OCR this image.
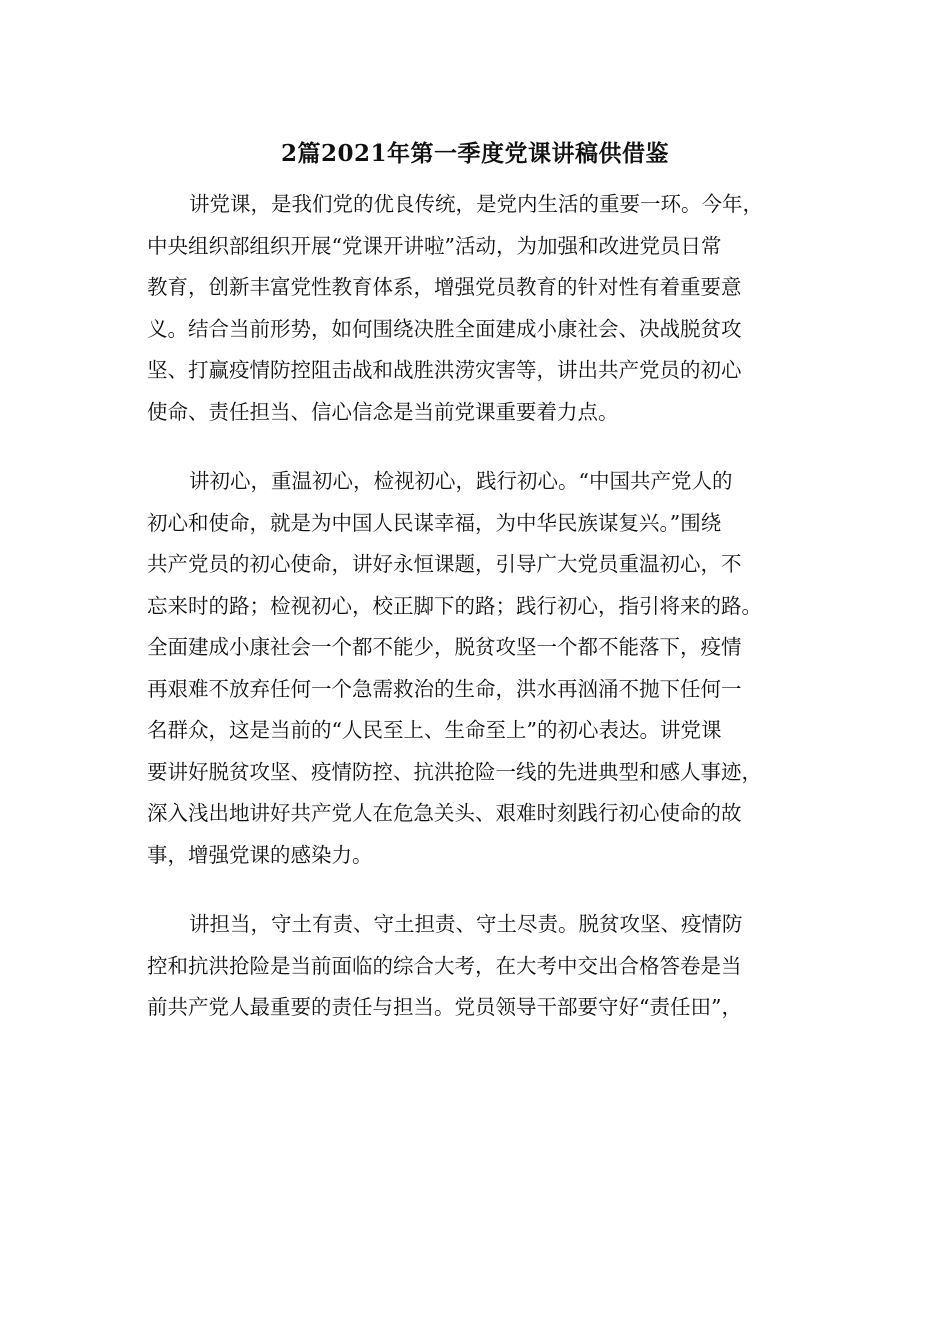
2篇2021年第一季度党课讲稿供借鉴

讲党课，是我们党的优良传统，是党内生活的重要一环。今年，
中央组织部组织开展“党课开讲啦”活动，为加强和改进党员日常
教育，创新丰富党性教育体系，增强党员教育的针对性有着重要意
义。结合当前形势，如何围绕决胜全面建成小康社会、决战脱贫攻
坚、打赢疫情防控阻击战和战胜洪涝灾害等，讲出共产党员的初心
使命、责任担当、信心信念是当前党课重要着力点。

讲初心，重温初心，检视初心，践行初心。“中国共产党人的
初心和使命，就是为中国人民谋幸福，为中华民族谋复兴。”围绕
共产党员的初心使命，讲好永恒课题，引导广大党员重温初心，不
忘来时的路；检视初心，校正脚下的路；践行初心，指引将来的路。
全面建成小康社会一个都不能少，脱贫攻坚一个都不能落下，疫情
再艰难不放弃任何一个急需救治的生命，洪水再汹涌不抛下任何一
名群众，这是当前的“人民至上、生命至上”的初心表达。讲党课
要讲好脱贫攻坚、疫情防控、抗洪抢险一线的先进典型和感人事迹，
深入浅出地讲好共产党人在危急关头、艰难时刻践行初心使命的故
事，增强党课的感染力。

讲担当，守土有责、守土担责、守土尽责。脱贫攻坚、疫情防
控和抗洪抢险是当前面临的综合大考，在大考中交出合格答卷是当
前共产党人最重要的责任与担当。党员领导干部要守好“责任田”，
